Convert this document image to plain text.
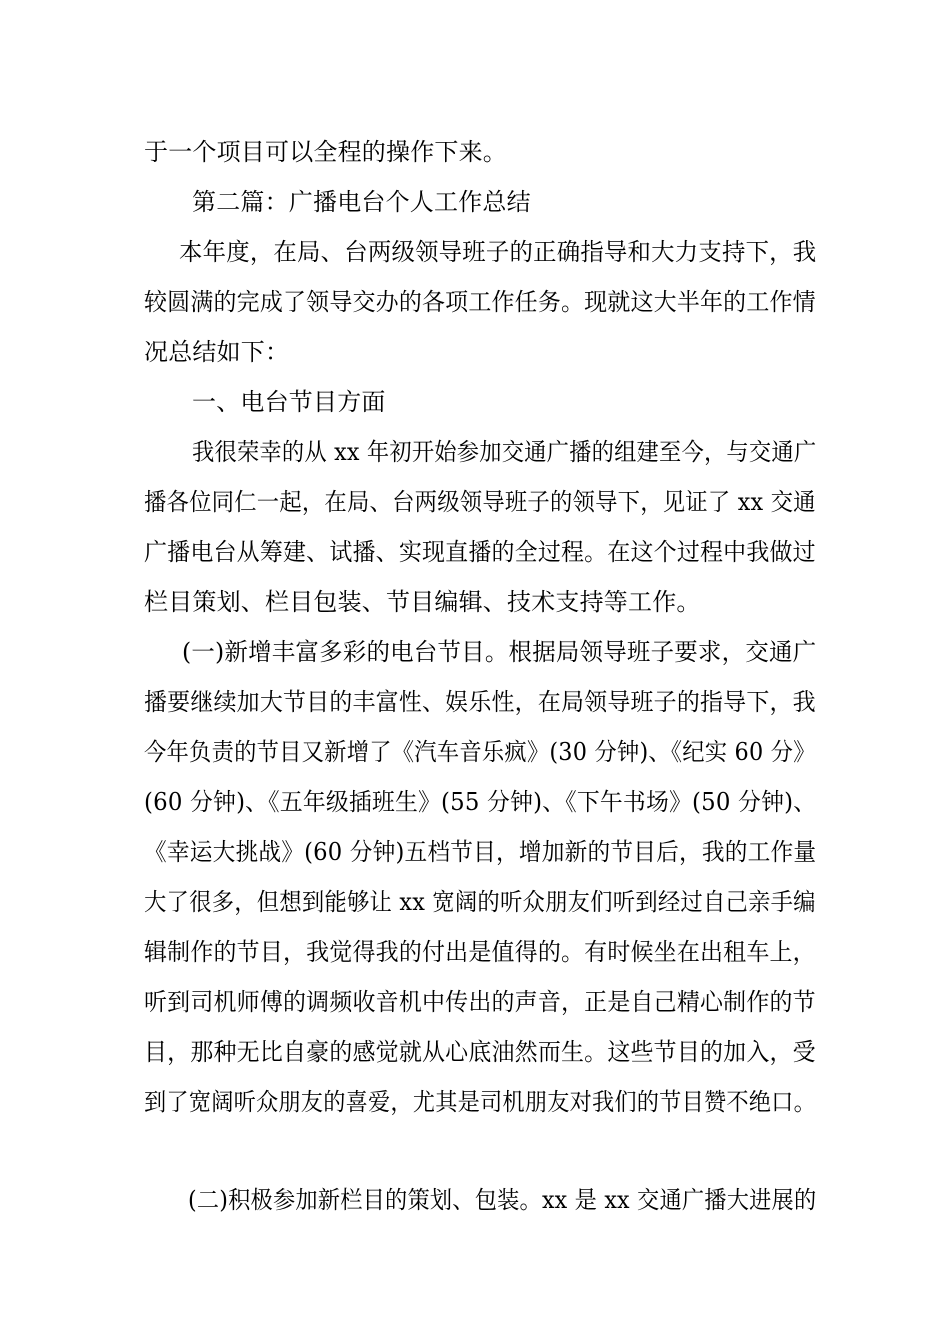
于一个项目可以全程的操作下来。
第二篇：广播电台个人工作总结
本年度，在局、台两级领导班子的正确指导和大力支持下，我
较圆满的完成了领导交办的各项工作任务。现就这大半年的工作情
况总结如下：
一、电台节目方面
我很荣幸的从 xx 年初开始参加交通广播的组建至今，与交通广
播各位同仁一起，在局、台两级领导班子的领导下，见证了 xx 交通
广播电台从筹建、试播、实现直播的全过程。在这个过程中我做过
栏目策划、栏目包装、节目编辑、技术支持等工作。
(一)新增丰富多彩的电台节目。根据局领导班子要求，交通广
播要继续加大节目的丰富性、娱乐性，在局领导班子的指导下，我
今年负责的节目又新增了《汽车音乐疯》(30 分钟)、《纪实 60 分》
(60 分钟)、《五年级插班生》(55 分钟)、《下午书场》(50 分钟)、
《幸运大挑战》(60 分钟)五档节目，增加新的节目后，我的工作量
大了很多，但想到能够让 xx 宽阔的听众朋友们听到经过自己亲手编
辑制作的节目，我觉得我的付出是值得的。有时候坐在出租车上，
听到司机师傅的调频收音机中传出的声音，正是自己精心制作的节
目，那种无比自豪的感觉就从心底油然而生。这些节目的加入，受
到了宽阔听众朋友的喜爱，尤其是司机朋友对我们的节目赞不绝口。
(二)积极参加新栏目的策划、包装。xx 是 xx 交通广播大进展的
